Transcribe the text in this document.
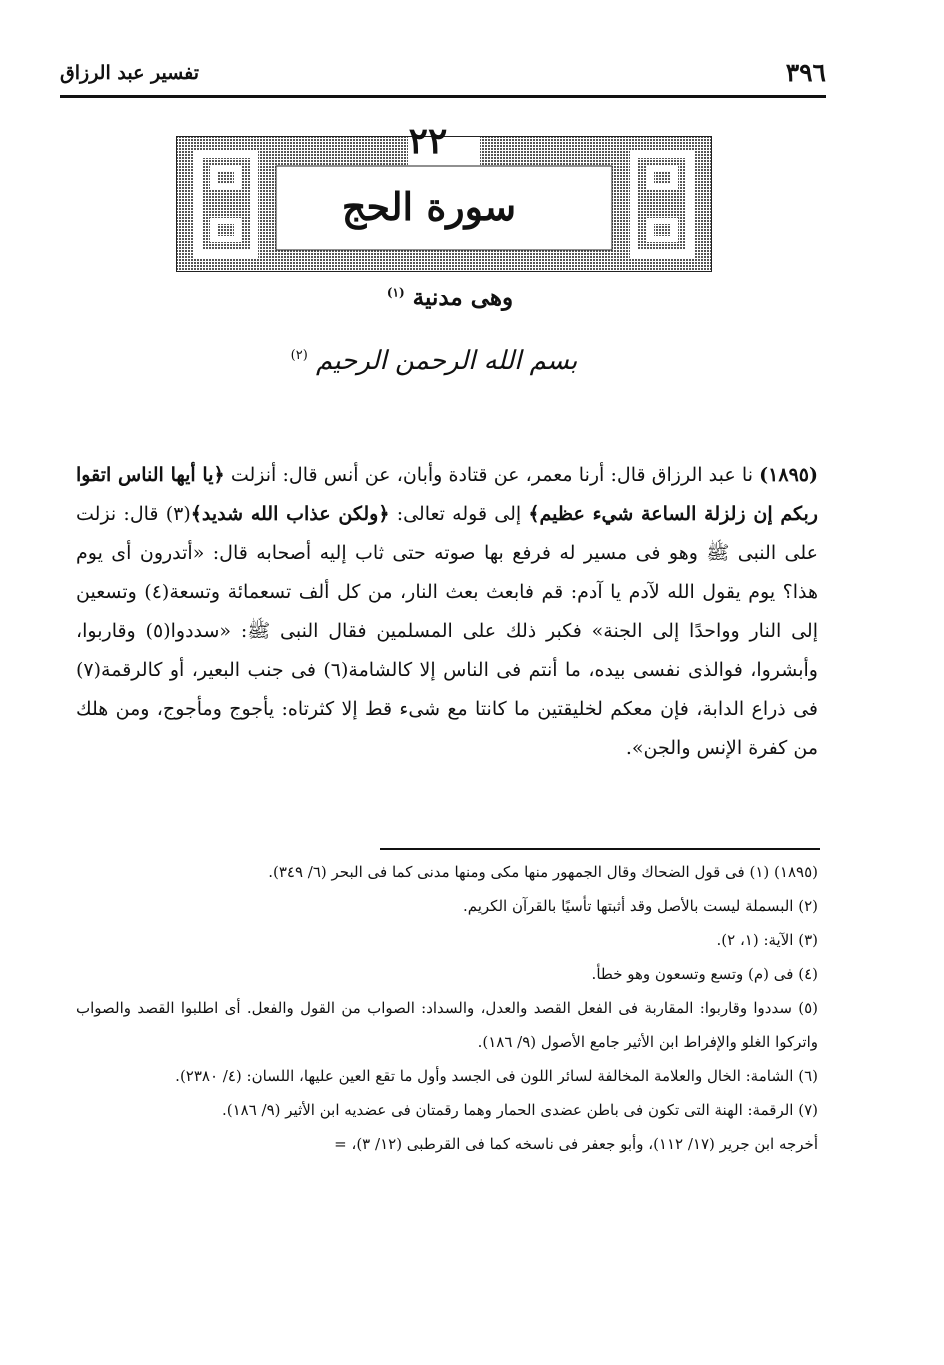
٣٩٦
تفسير عبد الرزاق
٢٢
سورة الحج
وهى مدنية $^{(١)}$
بسم الله الرحمن الرحيم $^{(٢)}$
(١٨٩٥) نا عبد الرزاق قال: أرنا معمر، عن قتادة وأبان، عن أنس قال: أنزلت ﴿يا أيها الناس اتقوا ربكم إن زلزلة الساعة شيء عظيم﴾ إلى قوله تعالى: ﴿ولكن عذاب الله شديد﴾(٣) قال: نزلت على النبى ﷺ وهو فى مسير له فرفع بها صوته حتى ثاب إليه أصحابه قال: «أتدرون أى يوم هذا؟ يوم يقول الله لآدم يا آدم: قم فابعث بعث النار، من كل ألف تسعمائة وتسعة(٤) وتسعين إلى النار وواحدًا إلى الجنة» فكبر ذلك على المسلمين فقال النبى ﷺ: «سددوا(٥) وقاربوا، وأبشروا، فوالذى نفسى بيده، ما أنتم فى الناس إلا كالشامة(٦) فى جنب البعير، أو كالرقمة(٧) فى ذراع الدابة، فإن معكم لخليقتين ما كانتا مع شىء قط إلا كثرتاه: يأجوج ومأجوج، ومن هلك من كفرة الإنس والجن».
(١٨٩٥) (١) فى قول الضحاك وقال الجمهور منها مكى ومنها مدنى كما فى البحر (٦/ ٣٤٩).
(٢) البسملة ليست بالأصل وقد أثبتها تأسيًا بالقرآن الكريم.
(٣) الآية: (١، ٢).
(٤) فى (م) وتسع وتسعون وهو خطأ.
(٥) سددوا وقاربوا: المقاربة فى الفعل القصد والعدل، والسداد: الصواب من القول والفعل. أى اطلبوا القصد والصواب واتركوا الغلو والإفراط ابن الأثير جامع الأصول (٩/ ١٨٦).
(٦) الشامة: الخال والعلامة المخالفة لسائر اللون فى الجسد وأول ما تقع العين عليها، اللسان: (٤/ ٢٣٨٠).
(٧) الرقمة: الهنة التى تكون فى باطن عضدى الحمار وهما رقمتان فى عضديه ابن الأثير (٩/ ١٨٦).
أخرجه ابن جرير (١٧/ ١١٢)، وأبو جعفر فى ناسخه كما فى القرطبى (١٢/ ٣)، =
